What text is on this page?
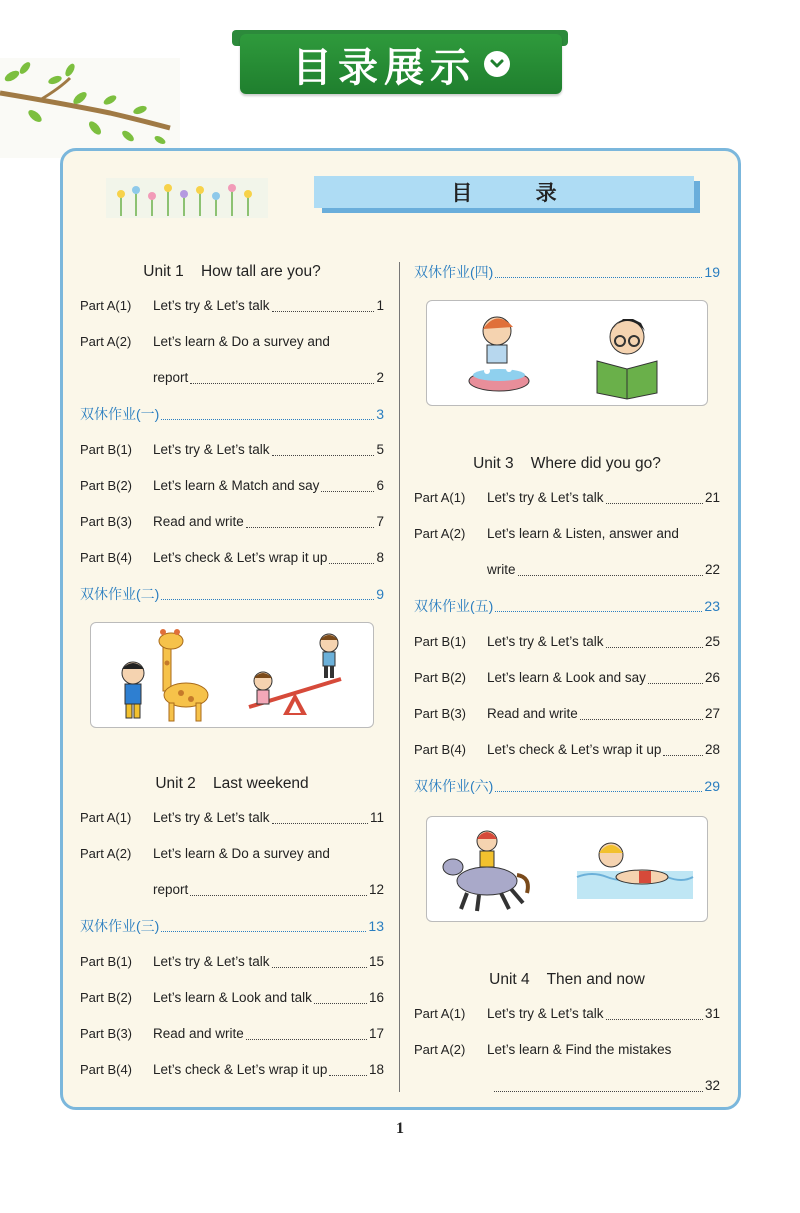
目录展示
目 录
Unit 1    How tall are you?
Part A(1)	Let’s try & Let’s talk	1
Part A(2)	Let’s learn & Do a survey and
report	2
双休作业(一)	3
Part B(1)	Let’s try & Let’s talk	5
Part B(2)	Let’s learn & Match and say	6
Part B(3)	Read and write	7
Part B(4)	Let’s check & Let’s wrap it up	8
双休作业(二)	9
Unit 2    Last weekend
Part A(1)	Let’s try & Let’s talk	11
Part A(2)	Let’s learn & Do a survey and
report	12
双休作业(三)	13
Part B(1)	Let’s try & Let’s talk	15
Part B(2)	Let’s learn & Look and talk	16
Part B(3)	Read and write	17
Part B(4)	Let’s check & Let’s wrap it up	18
双休作业(四)	19
Unit 3    Where did you go?
Part A(1)	Let’s try & Let’s talk	21
Part A(2)	Let’s learn & Listen, answer and
write	22
双休作业(五)	23
Part B(1)	Let’s try & Let’s talk	25
Part B(2)	Let’s learn & Look and say	26
Part B(3)	Read and write	27
Part B(4)	Let’s check & Let’s wrap it up	28
双休作业(六)	29
Unit 4    Then and now
Part A(1)	Let’s try & Let’s talk	31
Part A(2)	Let’s learn & Find the mistakes
32
1
